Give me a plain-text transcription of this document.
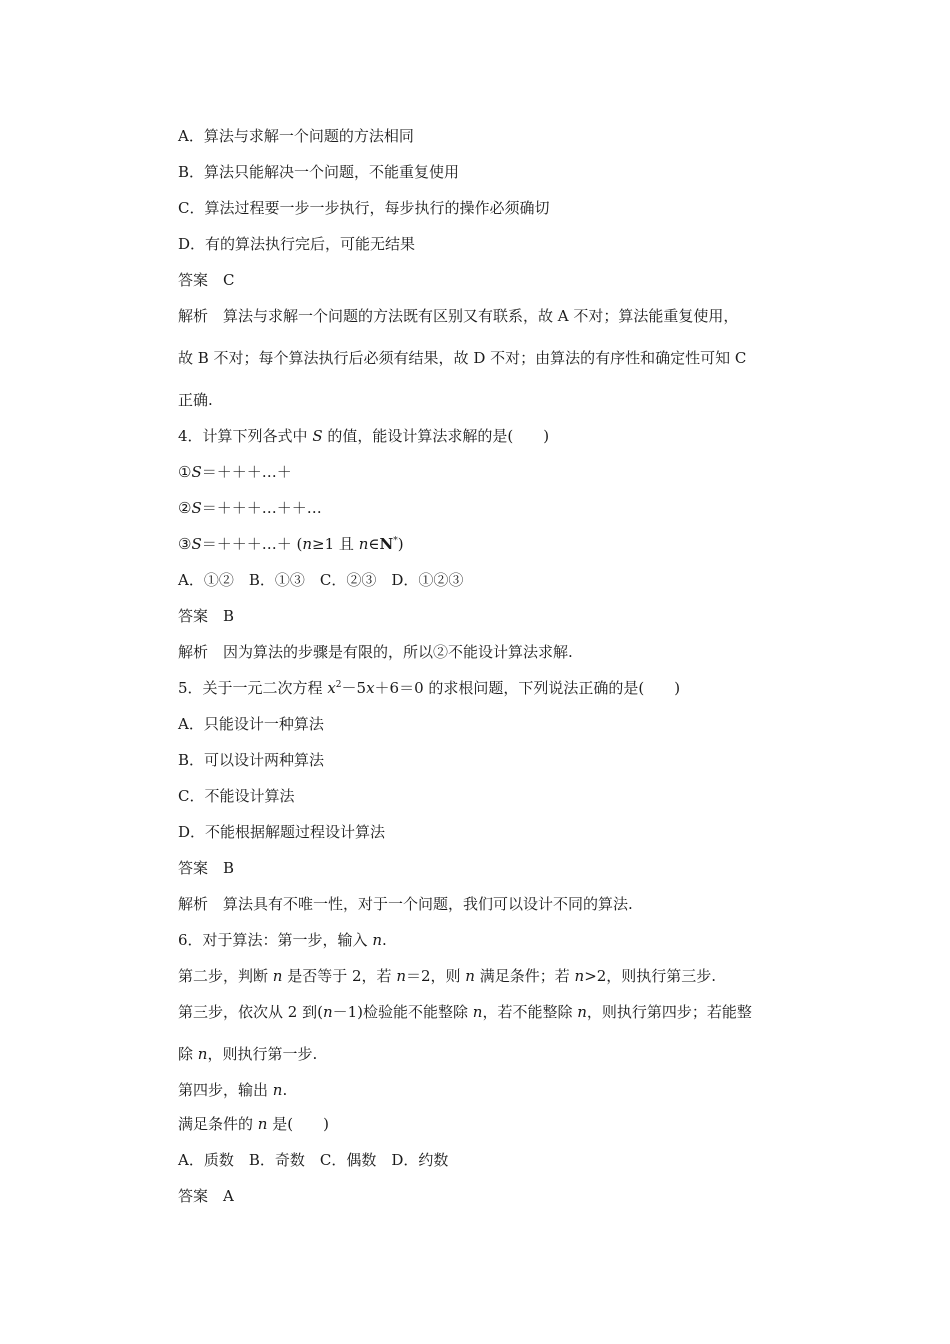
A．算法与求解一个问题的方法相同
B．算法只能解决一个问题，不能重复使用
C．算法过程要一步一步执行，每步执行的操作必须确切
D．有的算法执行完后，可能无结果
答案　C
解析　算法与求解一个问题的方法既有区别又有联系，故 A 不对；算法能重复使用，
故 B 不对；每个算法执行后必须有结果，故 D 不对；由算法的有序性和确定性可知 C
正确.
4．计算下列各式中 S 的值，能设计算法求解的是(　　)
①S＝＋＋＋…＋
②S＝＋＋＋…＋＋…
③S＝＋＋＋…＋ (n≥1 且 n∈N*)
A．①②　B．①③　C．②③　D．①②③
答案　B
解析　因为算法的步骤是有限的，所以②不能设计算法求解.
5．关于一元二次方程 $x^2-5x+6=0$ 的求根问题，下列说法正确的是(　　)
A．只能设计一种算法
B．可以设计两种算法
C．不能设计算法
D．不能根据解题过程设计算法
答案　B
解析　算法具有不唯一性，对于一个问题，我们可以设计不同的算法.
6．对于算法：第一步，输入 n.
第二步，判断 n 是否等于 2，若 n＝2，则 n 满足条件；若 n>2，则执行第三步.
第三步，依次从 2 到(n－1)检验能不能整除 n，若不能整除 n，则执行第四步；若能整
除 n，则执行第一步.
第四步，输出 n.
满足条件的 n 是(　　)
A．质数　B．奇数　C．偶数　D．约数
答案　A
